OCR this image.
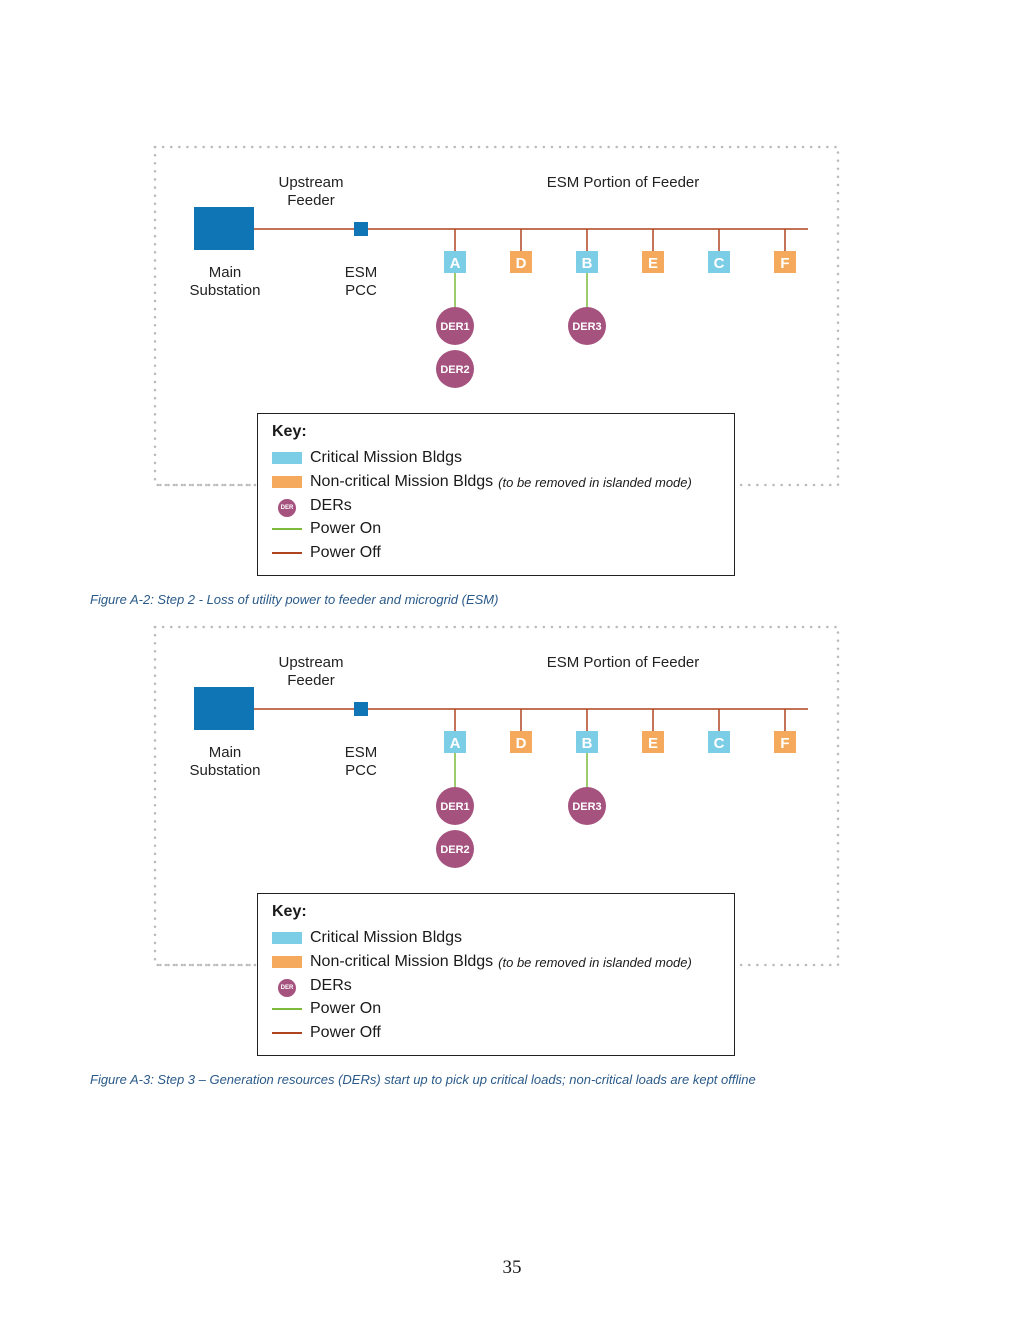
A	D	B	E	C	F
DER1
DER2
DER3
Upstream
Feeder
ESM Portion of Feeder
Main
Substation
ESM
PCC
Key:
Critical Mission Bldgs
Non-critical Mission Bldgs (to be removed in islanded mode)
DER	DERs
Power On
Power Off
Figure A-2: Step 2 - Loss of utility power to feeder and microgrid (ESM)
A	D	B	E	C	F
DER1
DER2
DER3
Upstream
Feeder
ESM Portion of Feeder
Main
Substation
ESM
PCC
Key:
Critical Mission Bldgs
Non-critical Mission Bldgs (to be removed in islanded mode)
DER	DERs
Power On
Power Off
Figure A-3: Step 3 – Generation resources (DERs) start up to pick up critical loads; non-critical loads are kept offline
35
